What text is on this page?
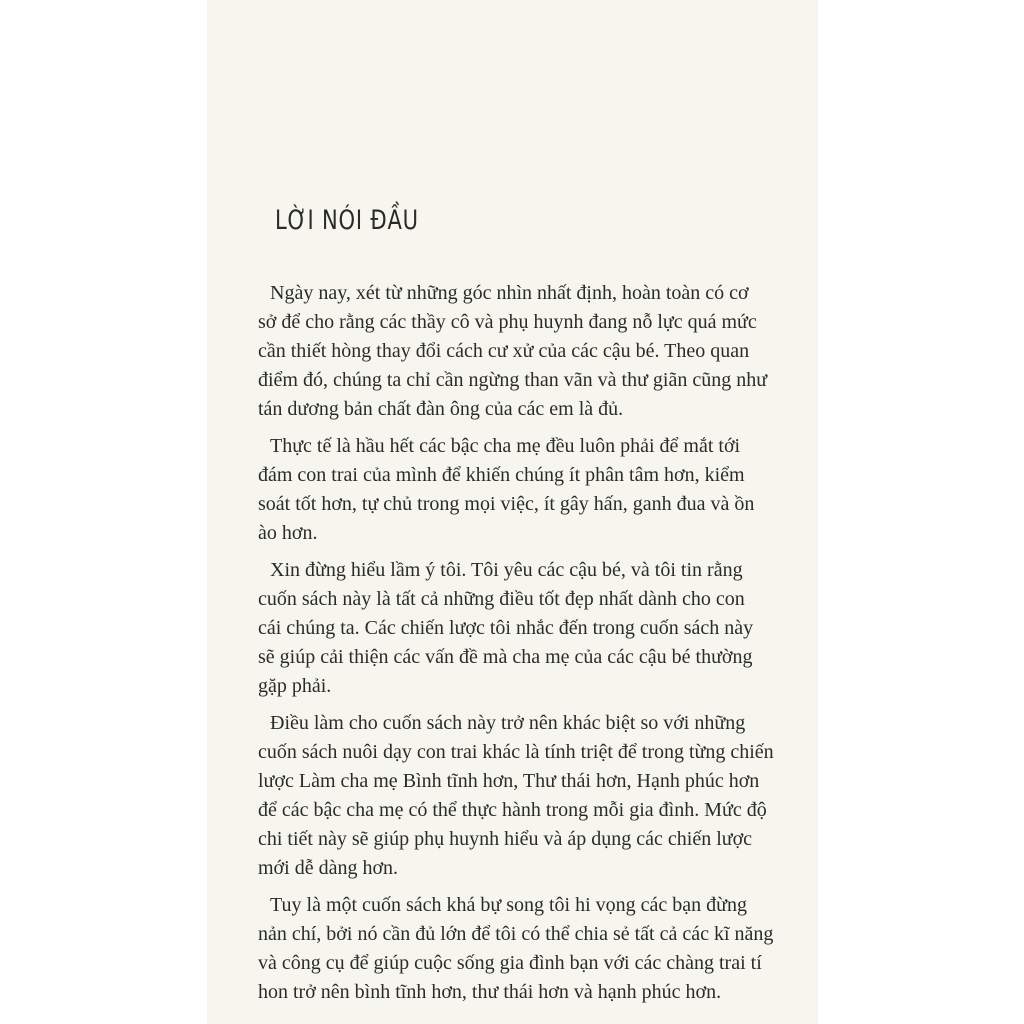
LỜI NÓI ĐẦU

Ngày nay, xét từ những góc nhìn nhất định, hoàn toàn có cơ
sở để cho rằng các thầy cô và phụ huynh đang nỗ lực quá mức
cần thiết hòng thay đổi cách cư xử của các cậu bé. Theo quan
điểm đó, chúng ta chỉ cần ngừng than vãn và thư giãn cũng như
tán dương bản chất đàn ông của các em là đủ.

Thực tế là hầu hết các bậc cha mẹ đều luôn phải để mắt tới
đám con trai của mình để khiến chúng ít phân tâm hơn, kiểm
soát tốt hơn, tự chủ trong mọi việc, ít gây hấn, ganh đua và ồn
ào hơn.

Xin đừng hiểu lầm ý tôi. Tôi yêu các cậu bé, và tôi tin rằng
cuốn sách này là tất cả những điều tốt đẹp nhất dành cho con
cái chúng ta. Các chiến lược tôi nhắc đến trong cuốn sách này
sẽ giúp cải thiện các vấn đề mà cha mẹ của các cậu bé thường
gặp phải.

Điều làm cho cuốn sách này trở nên khác biệt so với những
cuốn sách nuôi dạy con trai khác là tính triệt để trong từng chiến
lược Làm cha mẹ Bình tĩnh hơn, Thư thái hơn, Hạnh phúc hơn
để các bậc cha mẹ có thể thực hành trong mỗi gia đình. Mức độ
chi tiết này sẽ giúp phụ huynh hiểu và áp dụng các chiến lược
mới dễ dàng hơn.

Tuy là một cuốn sách khá bự song tôi hi vọng các bạn đừng
nản chí, bởi nó cần đủ lớn để tôi có thể chia sẻ tất cả các kĩ năng
và công cụ để giúp cuộc sống gia đình bạn với các chàng trai tí
hon trở nên bình tĩnh hơn, thư thái hơn và hạnh phúc hơn.
